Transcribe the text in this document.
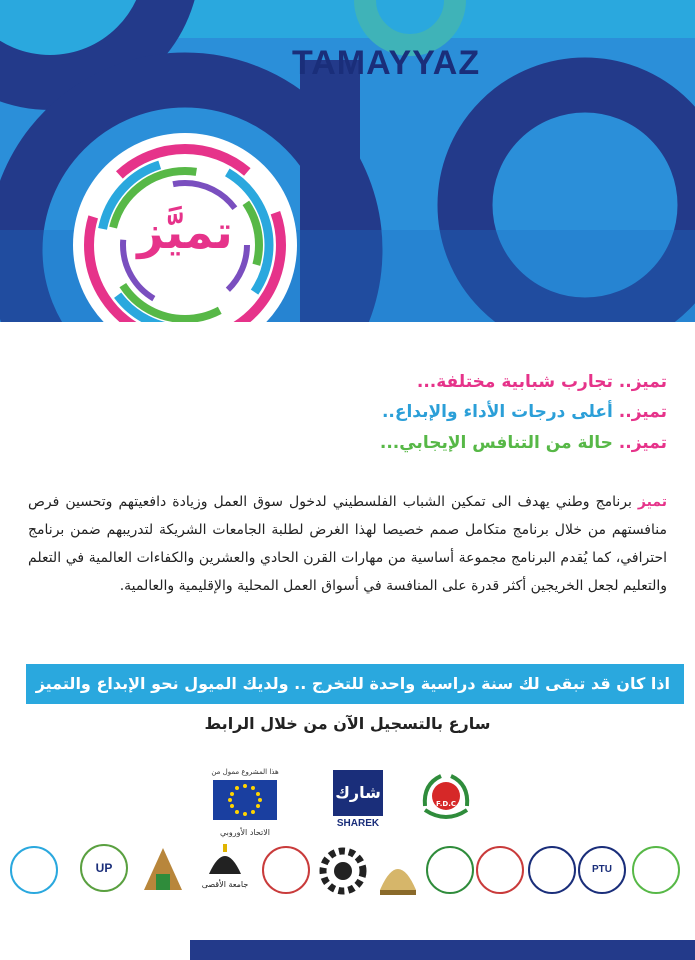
TAMAYYAZ
تميَّز
تميز.. تجارب شبابية مختلفة...
تميز.. أعلى درجات الأداء والإبداع..
تميز.. حالة من التنافس الإيجابي...
تميز برنامج وطني يهدف الى تمكين الشباب الفلسطيني لدخول سوق العمل وزيادة دافعيتهم وتحسين فرص منافستهم من خلال برنامج متكامل صمم خصيصا لهذا الغرض لطلبة الجامعات الشريكة لتدريبهم ضمن برنامج احترافي، كما يُقدم البرنامج مجموعة أساسية من مهارات القرن الحادي والعشرين والكفاءات العالمية في التعلم والتعليم لجعل الخريجين أكثر قدرة على المنافسة في أسواق العمل المحلية والإقليمية والعالمية.
اذا كان قد تبقى لك سنة دراسية واحدة للتخرج .. ولديك الميول نحو الإبداع والتميز
سارع بالتسجيل الآن من خلال الرابط
هذا المشروع ممول من
الاتحاد الأوروبي
شارك
SHAREK
F.D.C
UP
جامعة الأقصى
PTU
